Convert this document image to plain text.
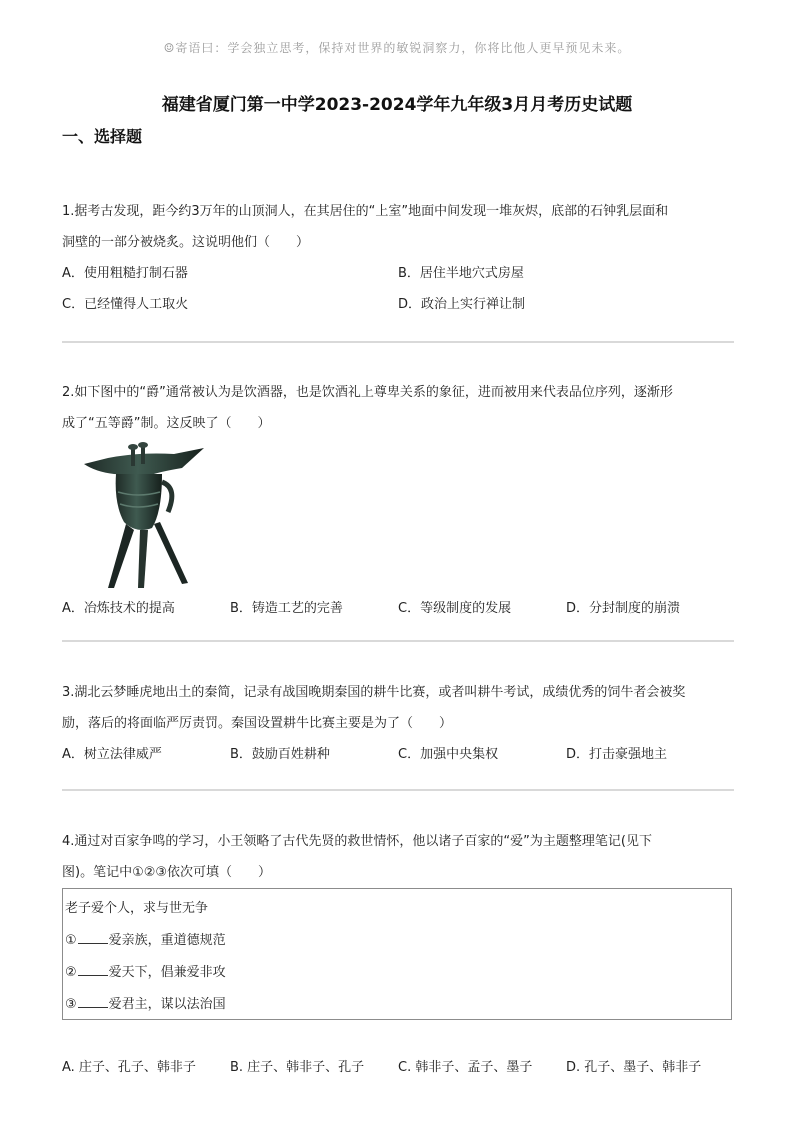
☺寄语曰：学会独立思考，保持对世界的敏锐洞察力，你将比他人更早预见未来。
福建省厦门第一中学2023-2024学年九年级3月月考历史试题
一、选择题

1.据考古发现，距今约3万年的山顶洞人，在其居住的“上室”地面中间发现一堆灰烬，底部的石钟乳层面和

洞壁的一部分被烧炙。这说明他们（　　）

A．使用粗糙打制石器	B．居住半地穴式房屋
C．已经懂得人工取火	D．政治上实行禅让制

2.如下图中的“爵”通常被认为是饮酒器，也是饮酒礼上尊卑关系的象征，进而被用来代表品位序列，逐渐形

成了“五等爵”制。这反映了（　　）

A．冶炼技术的提高	B．铸造工艺的完善	C．等级制度的发展	D．分封制度的崩溃

3.湖北云梦睡虎地出土的秦简，记录有战国晚期秦国的耕牛比赛，或者叫耕牛考试，成绩优秀的饲牛者会被奖

励，落后的将面临严厉责罚。秦国设置耕牛比赛主要是为了（　　）

A．树立法律威严	B．鼓励百姓耕种	C．加强中央集权	D．打击豪强地主

4.通过对百家争鸣的学习，小王领略了古代先贤的救世情怀，他以诸子百家的“爱”为主题整理笔记(见下

图)。笔记中①②③依次可填（　　）

老子爱个人，求与世无争
① 爱亲族，重道德规范
② 爱天下，倡兼爱非攻
③ 爱君主，谋以法治国
A. 庄子、孔子、韩非子	B. 庄子、韩非子、孔子	C. 韩非子、孟子、墨子	D. 孔子、墨子、韩非子
